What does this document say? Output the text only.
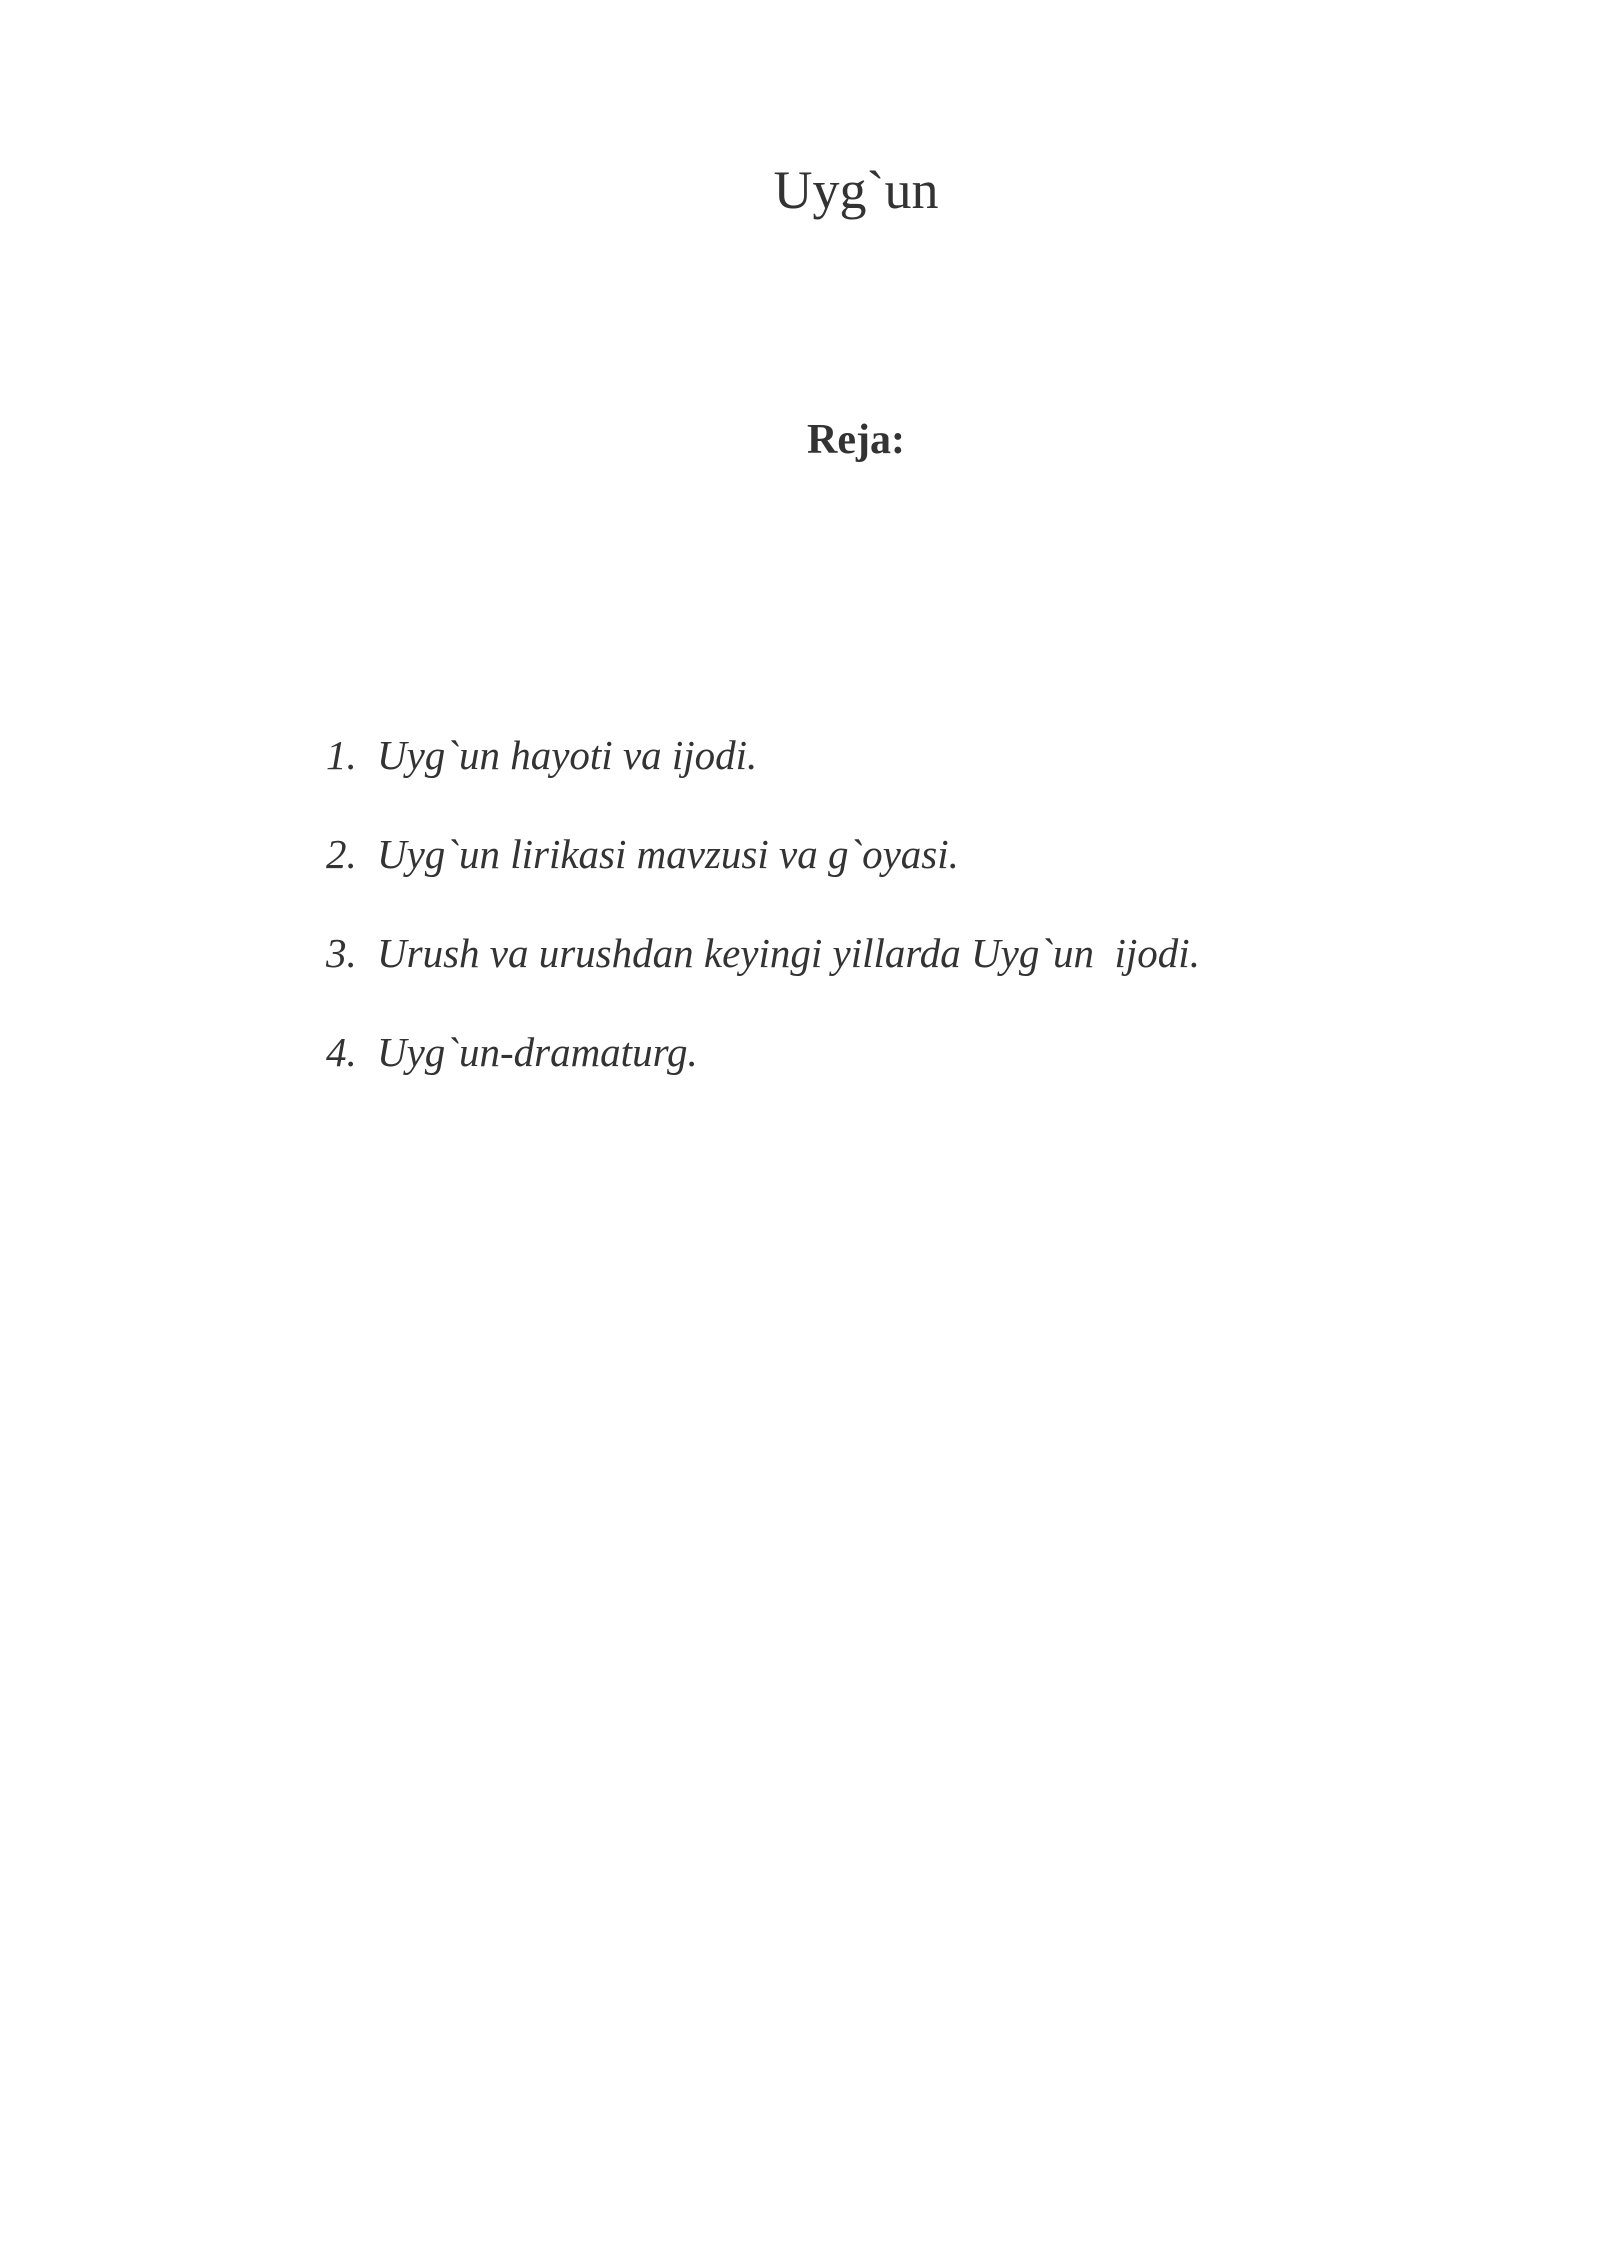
Uyg`un
Reja:
1. Uyg`un hayoti va ijodi.
2. Uyg`un lirikasi mavzusi va g`oyasi.
3. Urush va urushdan keyingi yillarda Uyg`un  ijodi.
4. Uyg`un-dramaturg.
